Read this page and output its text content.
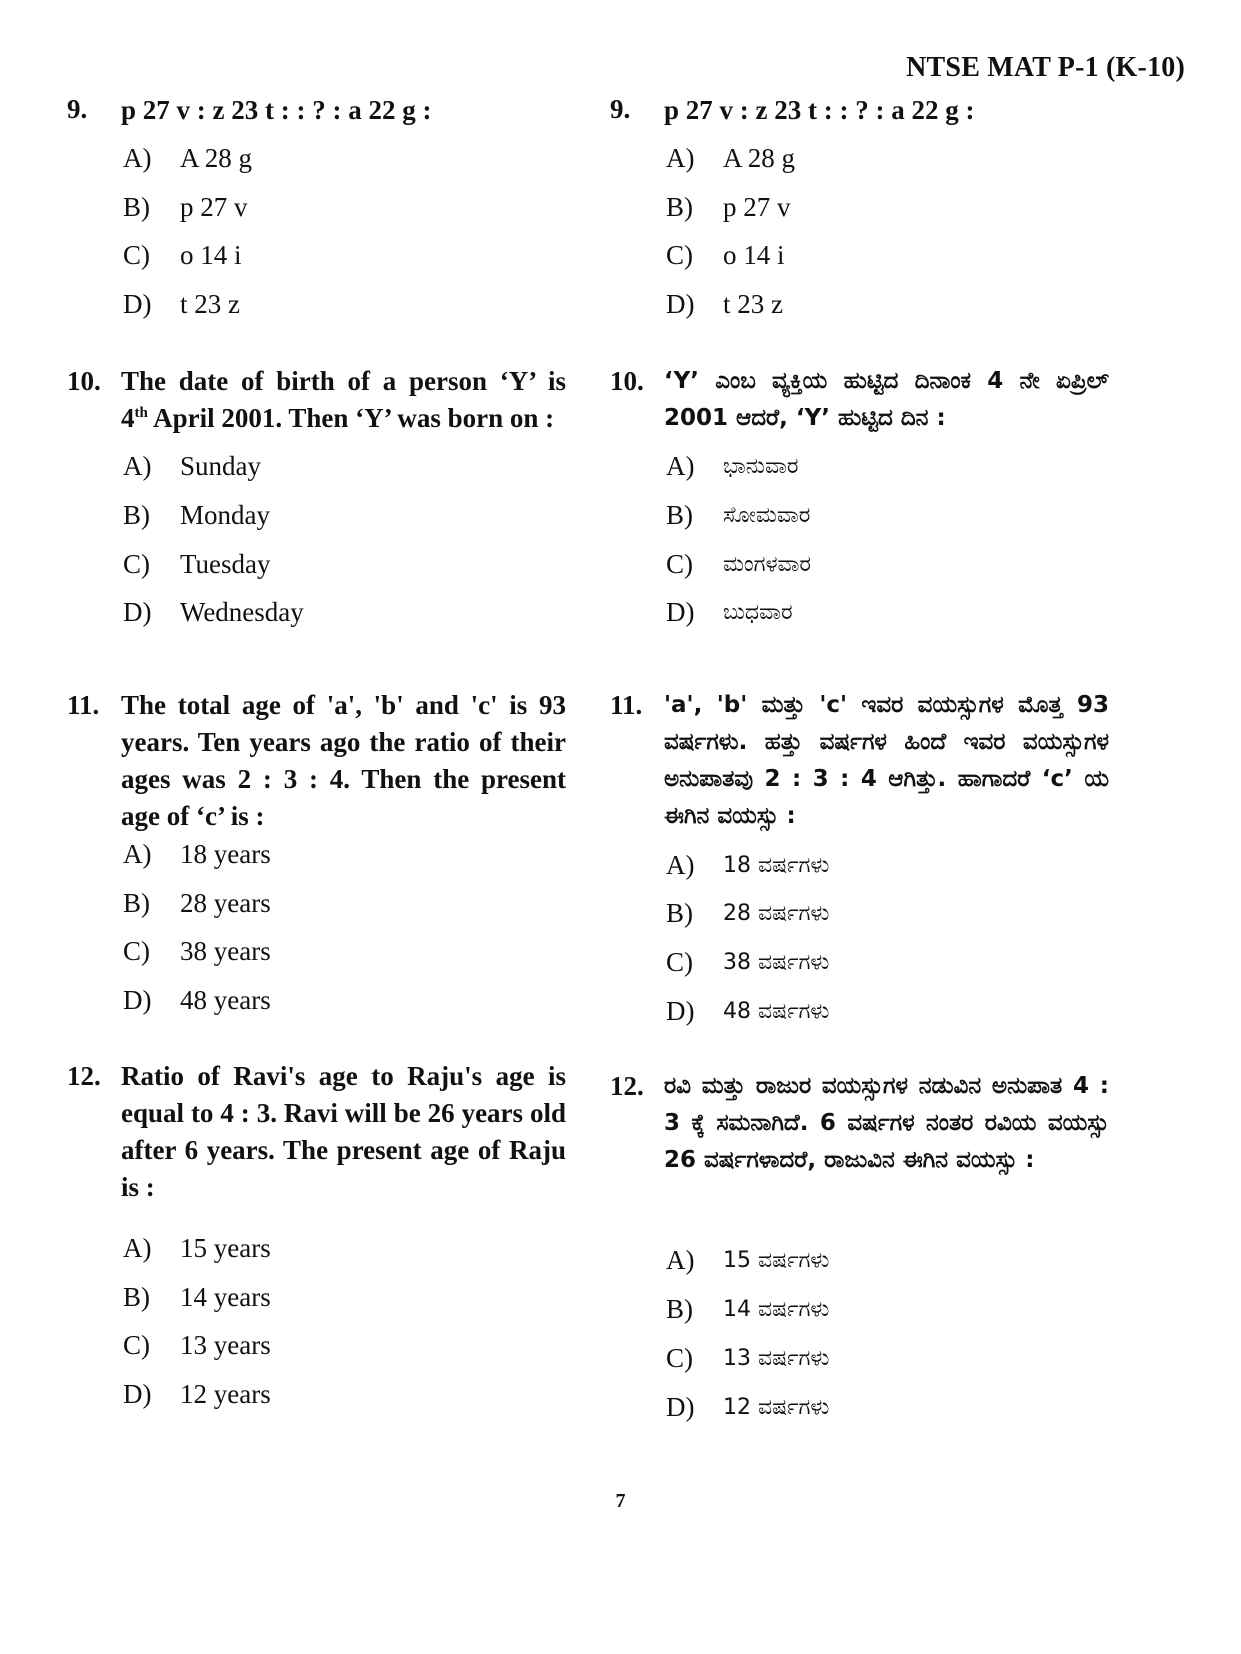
NTSE MAT P-1 (K-10)
9. p 27 v : z 23 t : : ? : a 22 g :
A) A 28 g
B) p 27 v
C) o 14 i
D) t 23 z
10. The date of birth of a person ‘Y’ is
4th April 2001. Then ‘Y’ was born on :
A) Sunday
B) Monday
C) Tuesday
D) Wednesday
11. The total age of 'a', 'b' and 'c' is 93 years. Ten years ago the ratio of their ages was 2 : 3 : 4. Then the present age of ‘c’ is :
A) 18 years
B) 28 years
C) 38 years
D) 48 years
12. Ratio of Ravi's age to Raju's age is equal to 4 : 3. Ravi will be 26 years old after 6 years. The present age of Raju is :
A) 15 years
B) 14 years
C) 13 years
D) 12 years
9. p 27 v : z 23 t : : ? : a 22 g :
A) A 28 g
B) p 27 v
C) o 14 i
D) t 23 z
10. ‘Y’ ಎಂಬ ವ್ಯಕ್ತಿಯ ಹುಟ್ಟಿದ ದಿನಾಂಕ 4 ನೇ ಏಪ್ರಿಲ್ 2001 ಆದರೆ, ‘Y’ ಹುಟ್ಟಿದ ದಿನ :
A) ಭಾನುವಾರ
B) ಸೋಮವಾರ
C) ಮಂಗಳವಾರ
D) ಬುಧವಾರ
11. 'a', 'b' ಮತ್ತು 'c' ಇವರ ವಯಸ್ಸುಗಳ ಮೊತ್ತ 93 ವರ್ಷಗಳು. ಹತ್ತು ವರ್ಷಗಳ ಹಿಂದೆ ಇವರ ವಯಸ್ಸುಗಳ ಅನುಪಾತವು 2 : 3 : 4 ಆಗಿತ್ತು. ಹಾಗಾದರೆ ‘c’ ಯ ಈಗಿನ ವಯಸ್ಸು :
A) 18 ವರ್ಷಗಳು
B) 28 ವರ್ಷಗಳು
C) 38 ವರ್ಷಗಳು
D) 48 ವರ್ಷಗಳು
12. ರವಿ ಮತ್ತು ರಾಜುರ ವಯಸ್ಸುಗಳ ನಡುವಿನ ಅನುಪಾತ 4 : 3 ಕ್ಕೆ ಸಮನಾಗಿದೆ. 6 ವರ್ಷಗಳ ನಂತರ ರವಿಯ ವಯಸ್ಸು 26 ವರ್ಷಗಳಾದರೆ, ರಾಜುವಿನ ಈಗಿನ ವಯಸ್ಸು :
A) 15 ವರ್ಷಗಳು
B) 14 ವರ್ಷಗಳು
C) 13 ವರ್ಷಗಳು
D) 12 ವರ್ಷಗಳು
7
